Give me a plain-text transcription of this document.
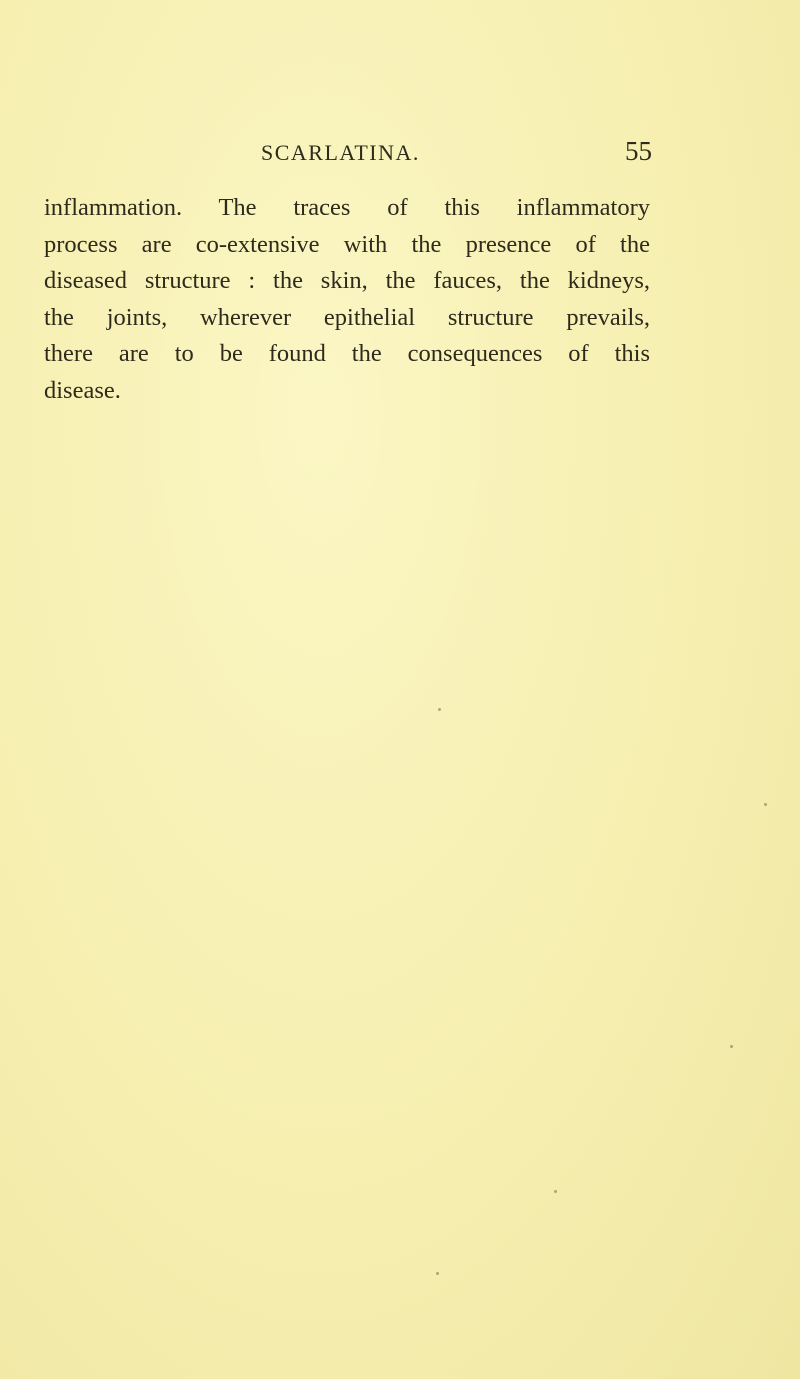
SCARLATINA.	55
inflammation. The traces of this inflammatory
process are co-extensive with the presence of the
diseased structure : the skin, the fauces, the kidneys,
the joints, wherever epithelial structure prevails,
there are to be found the consequences of this
disease.
